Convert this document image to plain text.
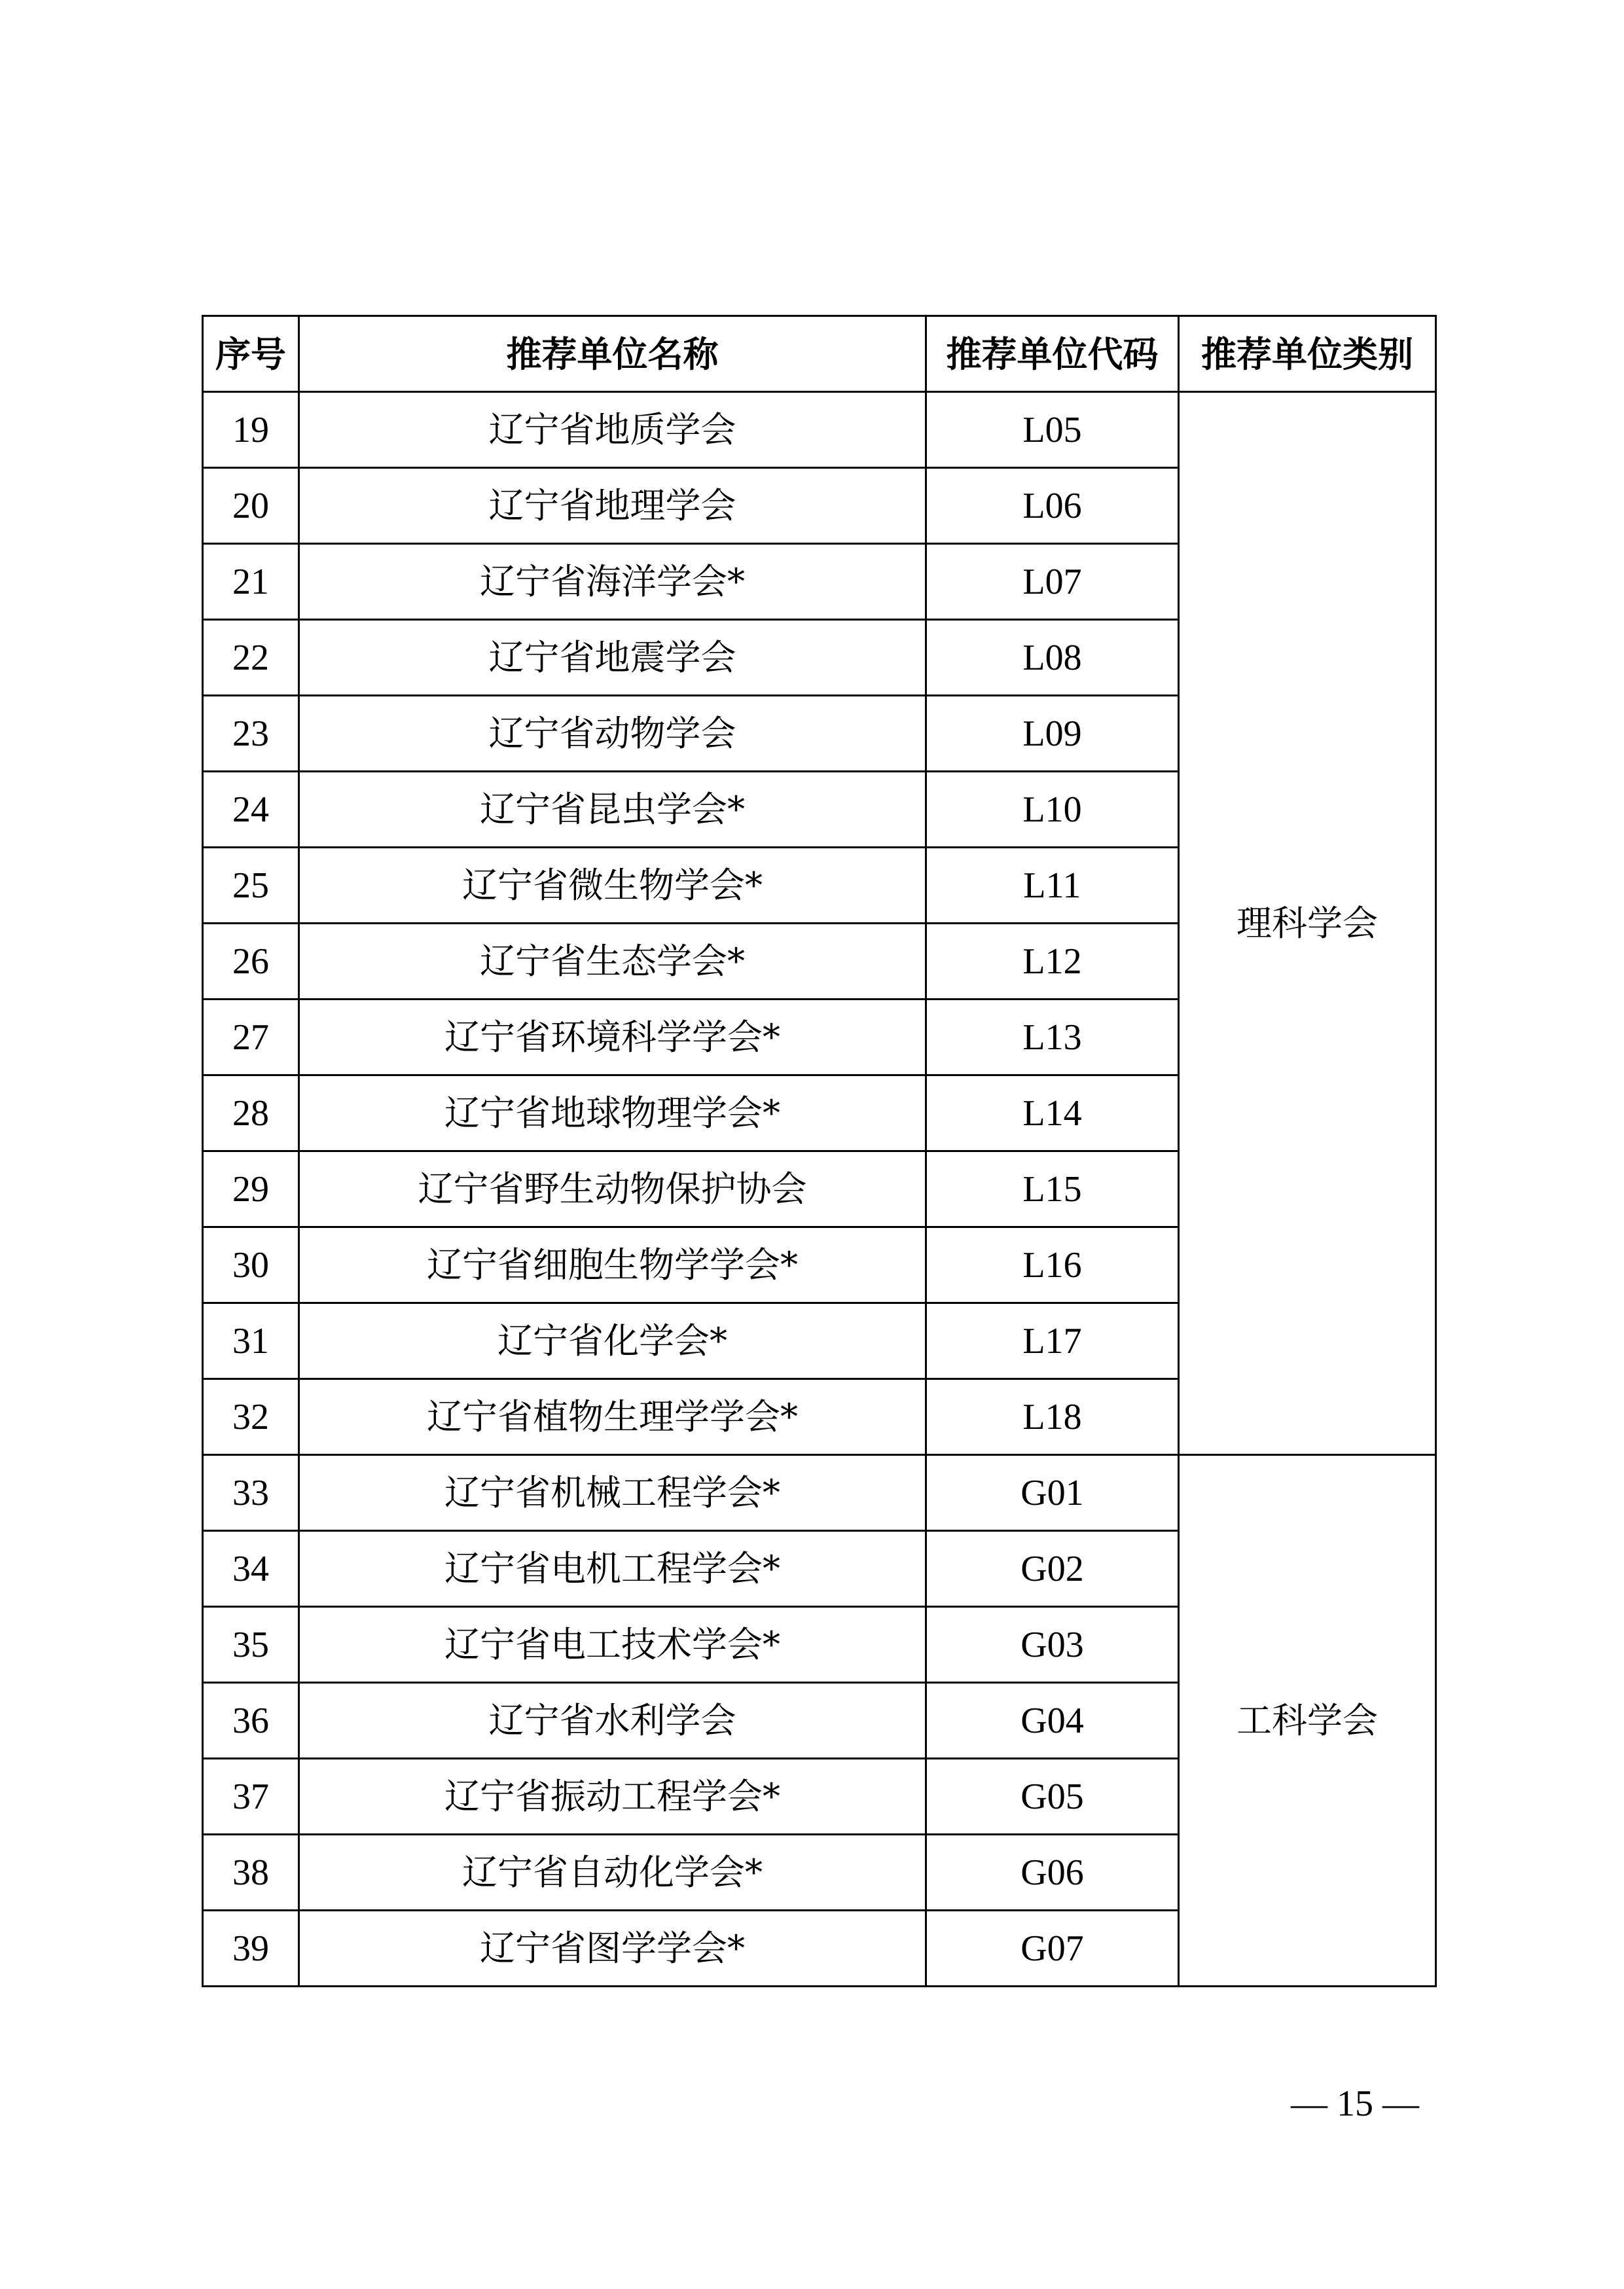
序号	推荐单位名称	推荐单位代码	推荐单位类别
19	辽宁省地质学会	L05	理科学会
20	辽宁省地理学会	L06	
21	辽宁省海洋学会*	L07	
22	辽宁省地震学会	L08	
23	辽宁省动物学会	L09	
24	辽宁省昆虫学会*	L10	
25	辽宁省微生物学会*	L11	
26	辽宁省生态学会*	L12	
27	辽宁省环境科学学会*	L13	
28	辽宁省地球物理学会*	L14	
29	辽宁省野生动物保护协会	L15	
30	辽宁省细胞生物学学会*	L16	
31	辽宁省化学会*	L17	
32	辽宁省植物生理学学会*	L18	
33	辽宁省机械工程学会*	G01	工科学会
34	辽宁省电机工程学会*	G02	
35	辽宁省电工技术学会*	G03	
36	辽宁省水利学会	G04	
37	辽宁省振动工程学会*	G05	
38	辽宁省自动化学会*	G06	
39	辽宁省图学学会*	G07	
— 15 —
